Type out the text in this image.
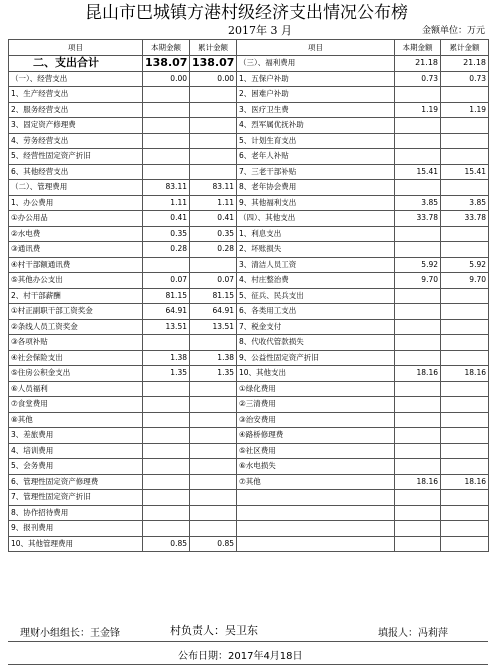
昆山市巴城镇方港村级经济支出情况公布榜
2017年 3 月	金额单位：万元
项目	本期金额	累计金额	项目	本期金额	累计金额
二、支出合计	138.07	138.07	（三）、福利费用	21.18	21.18
（一）、经营支出	0.00	0.00	1、五保户补助	0.73	0.73
1、生产经营支出			2、困难户补助		
2、服务经营支出			3、医疗卫生费	1.19	1.19
3、固定资产修理费			4、烈军属优抚补助		
4、劳务经营支出			5、计划生育支出		
5、经营性固定资产折旧			6、老年人补贴		
6、其他经营支出			7、三老干部补贴	15.41	15.41
（二）、管理费用	83.11	83.11	8、老年协会费用		
1、办公费用	1.11	1.11	9、其他福利支出	3.85	3.85
①办公用品	0.41	0.41	（四）、其他支出	33.78	33.78
②水电费	0.35	0.35	1、利息支出		
③通讯费	0.28	0.28	2、坏账损失		
④村干部额通讯费			3、清洁人员工资	5.92	5.92
⑤其他办公支出	0.07	0.07	4、村庄整治费	9.70	9.70
2、村干部薪酬	81.15	81.15	5、征兵、民兵支出		
①村正副职干部工资奖金	64.91	64.91	6、各类用工支出		
②条线人员工资奖金	13.51	13.51	7、税金支付		
③各项补贴			8、代收代管款损失		
④社会保险支出	1.38	1.38	9、公益性固定资产折旧		
⑤住房公积金支出	1.35	1.35	10、其他支出	18.16	18.16
⑥人员福利			①绿化费用		
⑦食堂费用			②三清费用		
⑧其他			③治安费用		
3、差旅费用			④路桥修理费		
4、培训费用			⑤社区费用		
5、会务费用			⑥水电损失		
6、管理性固定资产修理费			⑦其他	18.16	18.16
7、管理性固定资产折旧					
8、协作招待费用					
9、报刊费用					
10、其他管理费用	0.85	0.85			
理财小组组长：王金锋	村负责人：吴卫东	填报人：冯莉萍
公布日期：2017年4月18日
